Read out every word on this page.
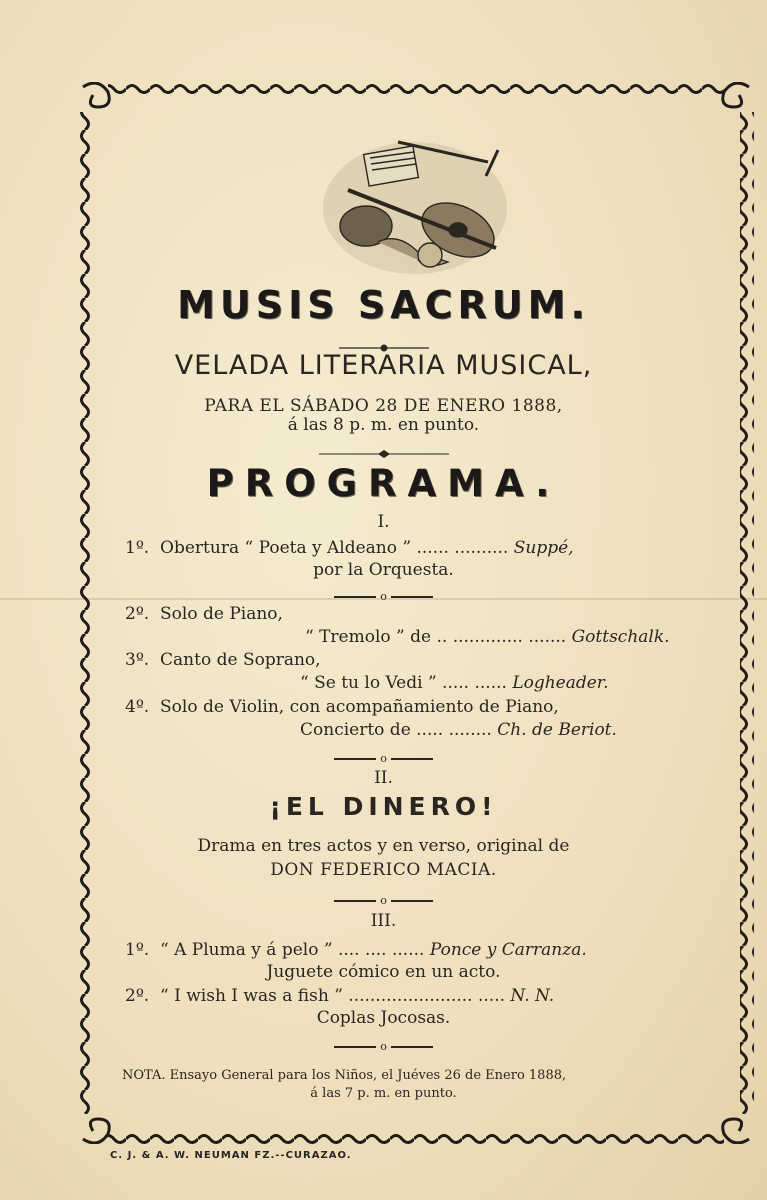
MUSIS SACRUM.
VELADA LITERARIA MUSICAL,
PARA EL SÁBADO 28 DE ENERO 1888,
á las 8 p. m. en punto.
PROGRAMA.
I.
1º. Obertura “ Poeta y Aldeano ” ...... .......... Suppé,
por la Orquesta.
o
2º. Solo de Piano,
“ Tremolo ” de .. ............. ....... Gottschalk.
3º. Canto de Soprano,
“ Se tu lo Vedi ” ..... ...... Logheader.
4º. Solo de Violin, con acompañamiento de Piano,
Concierto de ..... ........ Ch. de Beriot.
o
II.
¡EL DINERO!
Drama en tres actos y en verso, original de
DON FEDERICO MACIA.
o
III.
1º. “ A Pluma y á pelo ” .... .... ...... Ponce y Carranza.
Juguete cómico en un acto.
2º. “ I wish I was a fish ” ....................... ..... N. N.
Coplas Jocosas.
o
NOTA. Ensayo General para los Niños, el Juéves 26 de Enero 1888,
á las 7 p. m. en punto.
C. J. & A. W. NEUMAN FZ.--CURAZAO.
